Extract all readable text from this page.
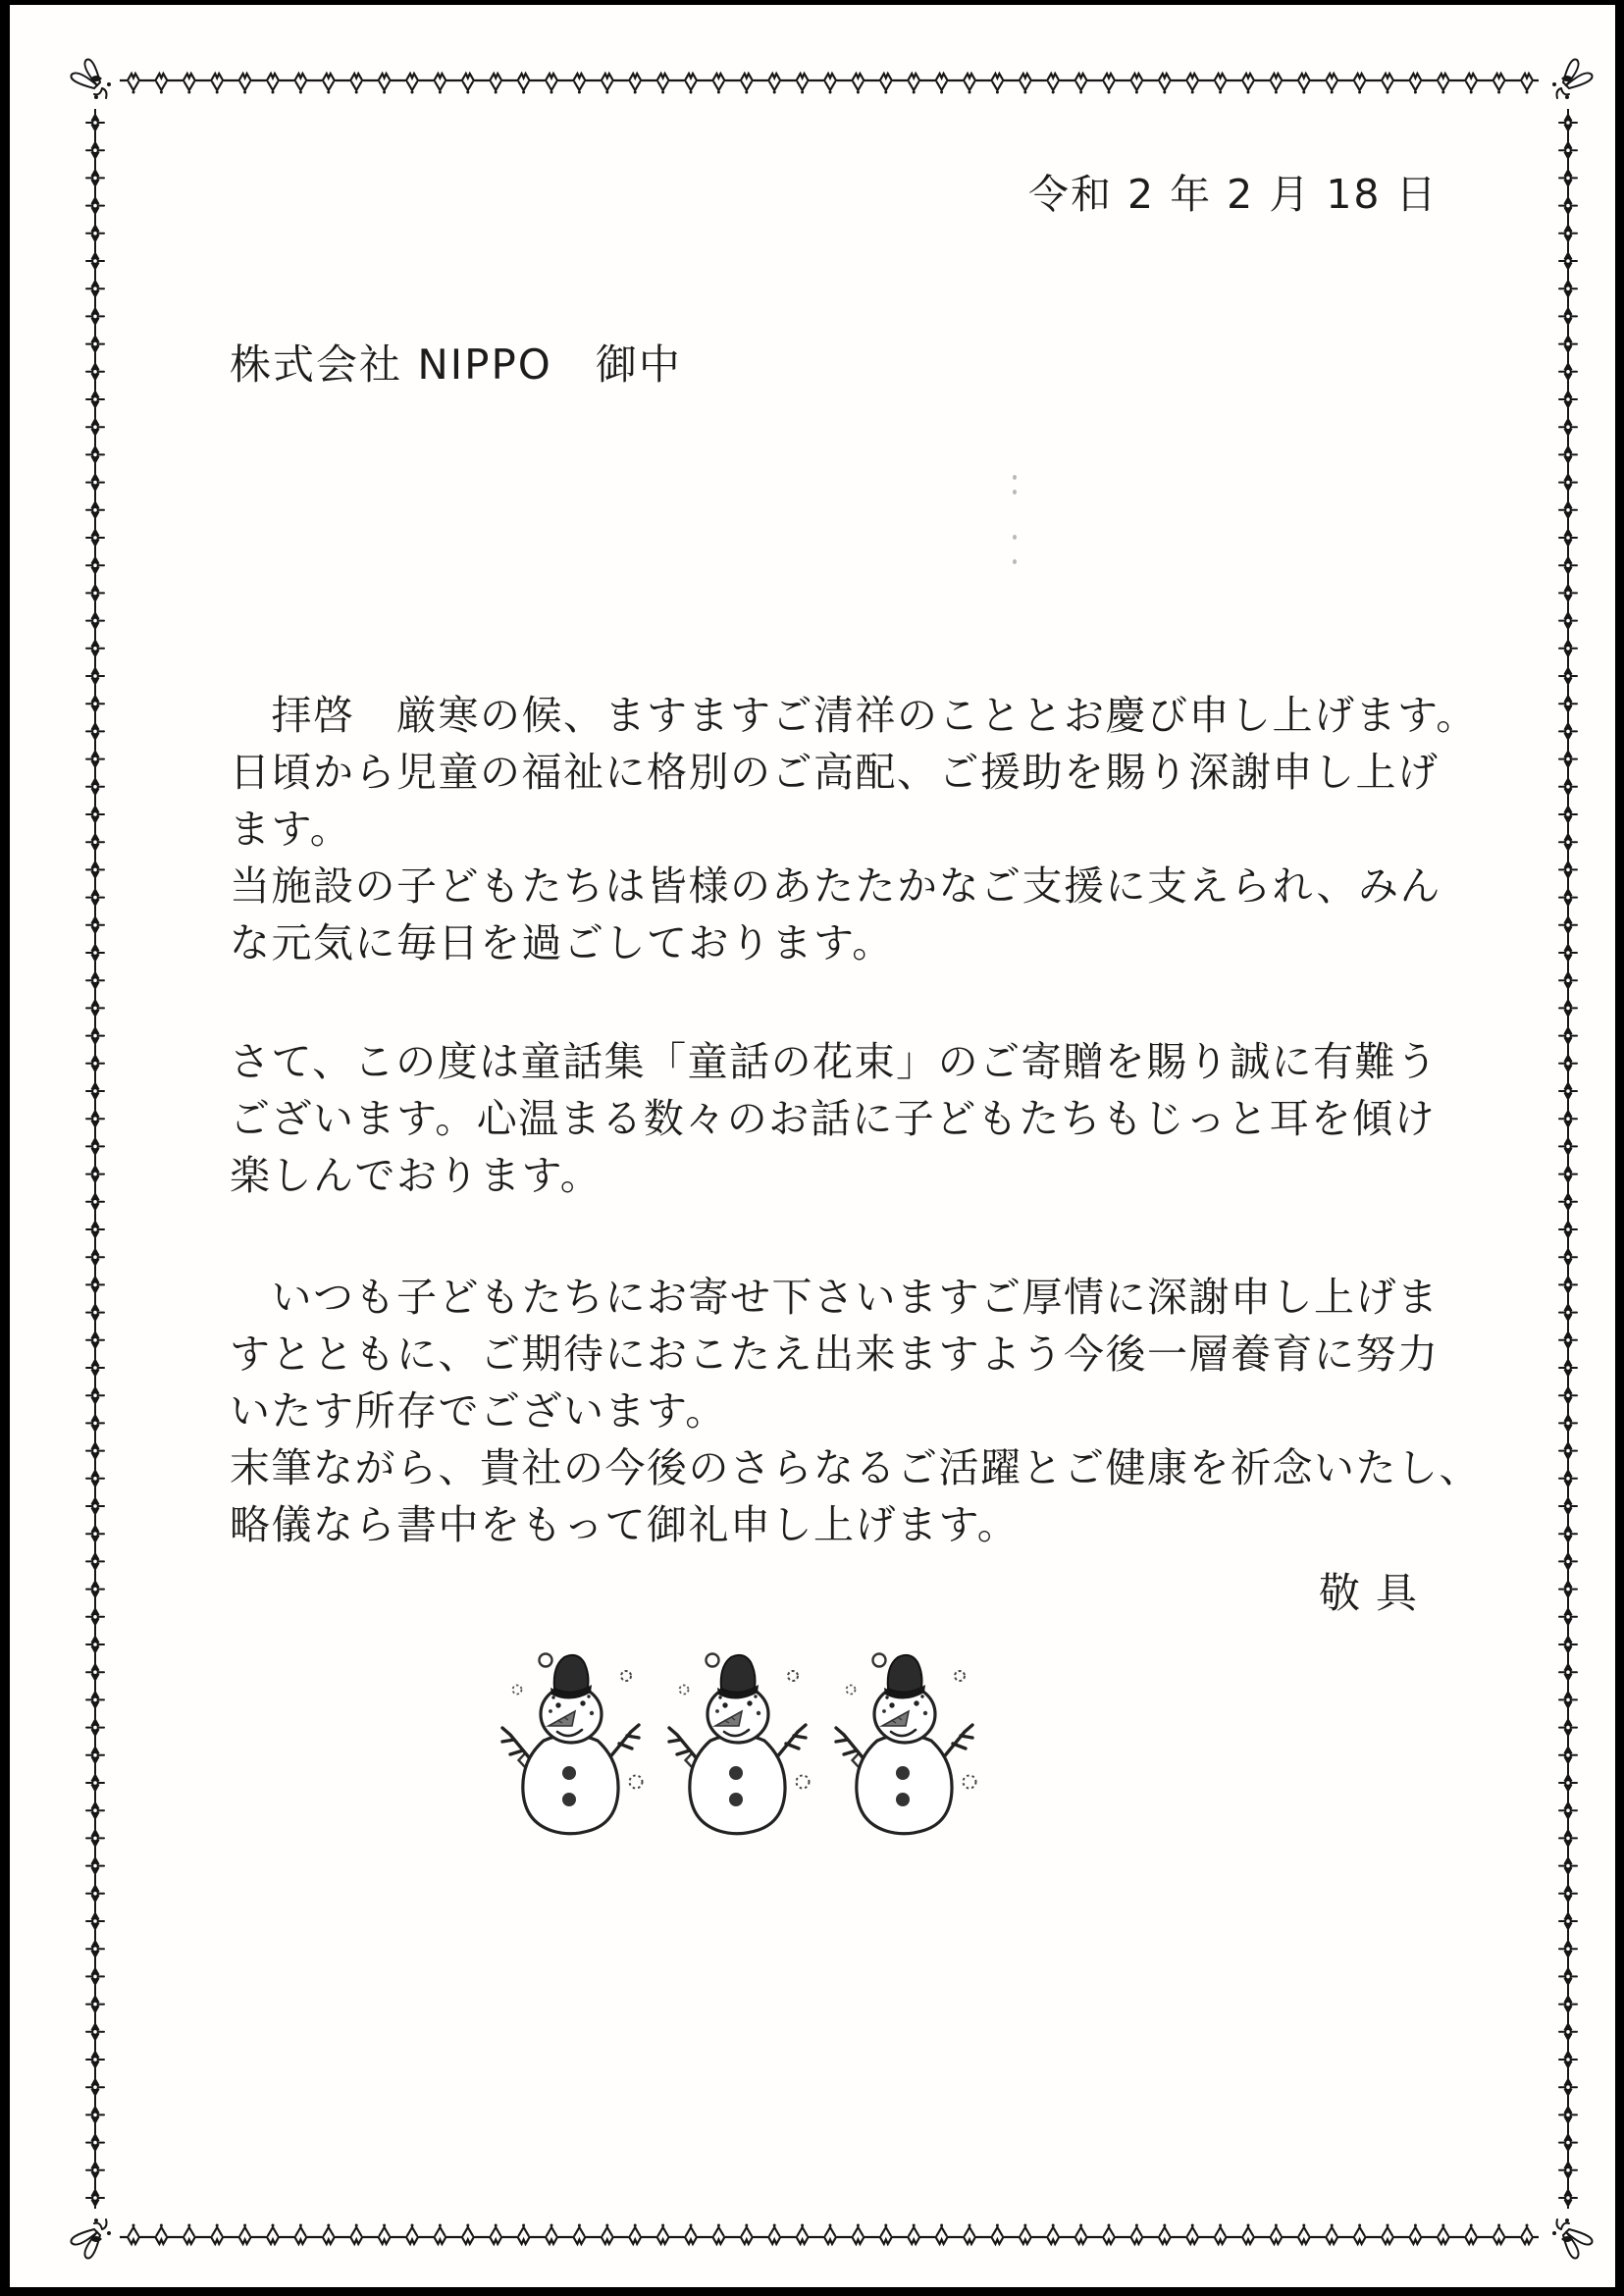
令和 2 年 2 月 18 日
株式会社 NIPPO　御中
　拝啓　厳寒の候、ますますご清祥のこととお慶び申し上げます。
日頃から児童の福祉に格別のご高配、ご援助を賜り深謝申し上げ
ます。
当施設の子どもたちは皆様のあたたかなご支援に支えられ、みん
な元気に毎日を過ごしております。
さて、この度は童話集「童話の花束」のご寄贈を賜り誠に有難う
ございます。心温まる数々のお話に子どもたちもじっと耳を傾け
楽しんでおります。
　いつも子どもたちにお寄せ下さいますご厚情に深謝申し上げま
すとともに、ご期待におこたえ出来ますよう今後一層養育に努力
いたす所存でございます。
末筆ながら、貴社の今後のさらなるご活躍とご健康を祈念いたし、
略儀なら書中をもって御礼申し上げます。
敬具
